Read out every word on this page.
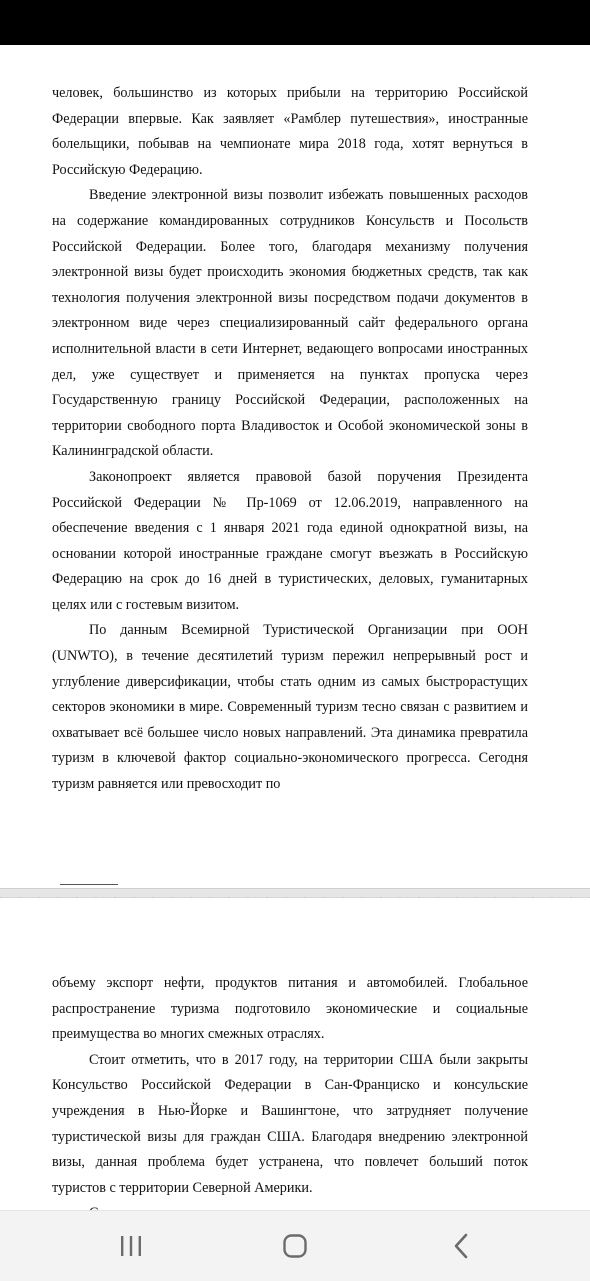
человек, большинство из которых прибыли на территорию Российской Федерации впервые. Как заявляет «Рамблер путешествия», иностранные болельщики, побывав на чемпионате мира 2018 года, хотят вернуться в Российскую Федерацию.

Введение электронной визы позволит избежать повышенных расходов на содержание командированных сотрудников Консульств и Посольств Российской Федерации. Более того, благодаря механизму получения электронной визы будет происходить экономия бюджетных средств, так как технология получения электронной визы посредством подачи документов в электронном виде через специализированный сайт федерального органа исполнительной власти в сети Интернет, ведающего вопросами иностранных дел, уже существует и применяется на пунктах пропуска через Государственную границу Российской Федерации, расположенных на территории свободного порта Владивосток и Особой экономической зоны в Калининградской области.

Законопроект является правовой базой поручения Президента Российской Федерации № Пр-1069 от 12.06.2019, направленного на обеспечение введения с 1 января 2021 года единой однократной визы, на основании которой иностранные граждане смогут въезжать в Российскую Федерацию на срок до 16 дней в туристических, деловых, гуманитарных целях или с гостевым визитом.

По данным Всемирной Туристической Организации при ООН (UNWTO), в течение десятилетий туризм пережил непрерывный рост и углубление диверсификации, чтобы стать одним из самых быстрорастущих секторов экономики в мире. Современный туризм тесно связан с развитием и охватывает всё большее число новых направлений. Эта динамика превратила туризм в ключевой фактор социально-экономического прогресса. Сегодня туризм равняется или превосходит по

объему экспорт нефти, продуктов питания и автомобилей. Глобальное распространение туризма подготовило экономические и социальные преимущества во многих смежных отраслях.

Стоит отметить, что в 2017 году, на территории США были закрыты Консульство Российской Федерации в Сан-Франциско и консульские учреждения в Нью-Йорке и Вашингтоне, что затрудняет получение туристической визы для граждан США. Благодаря внедрению электронной визы, данная проблема будет устранена, что повлечет больший поток туристов с территории Северной Америки.
